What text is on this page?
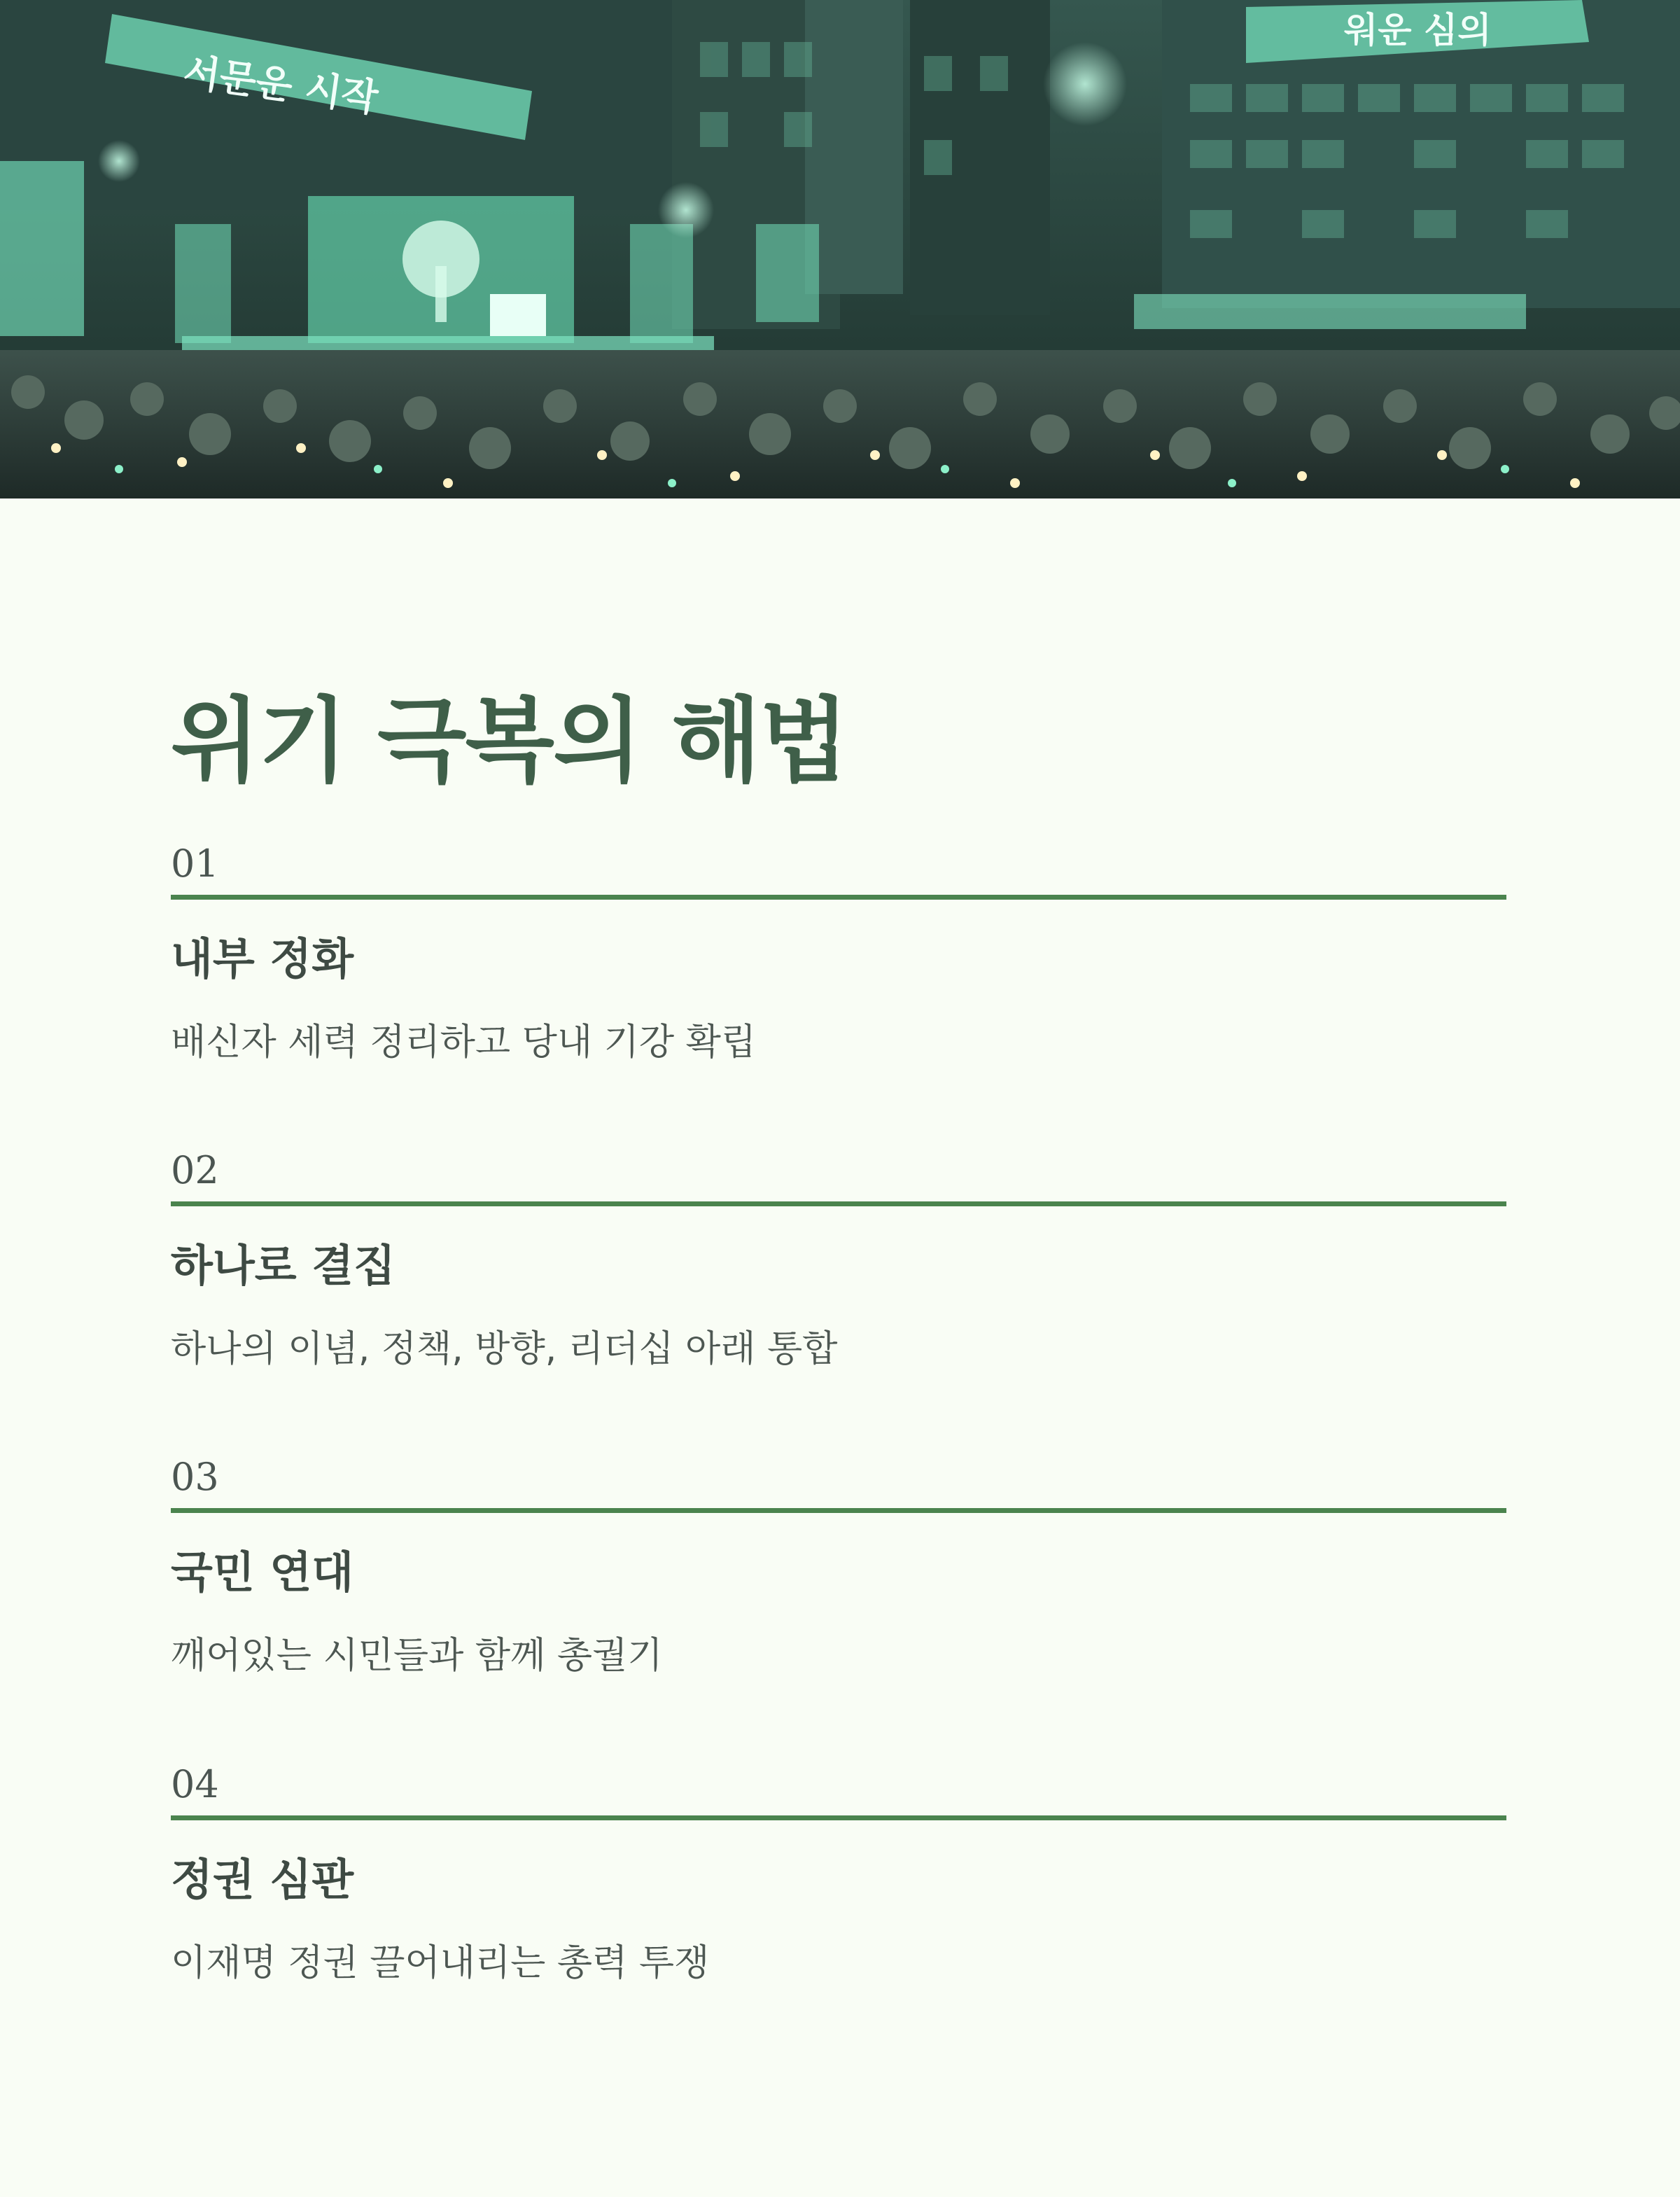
서문운 시작
워운 심의
위기 극복의 해법
01
내부 정화
배신자 세력 정리하고 당내 기강 확립
02
하나로 결집
하나의 이념, 정책, 방향, 리더십 아래 통합
03
국민 연대
깨어있는 시민들과 함께 총궐기
04
정권 심판
이재명 정권 끌어내리는 총력 투쟁
